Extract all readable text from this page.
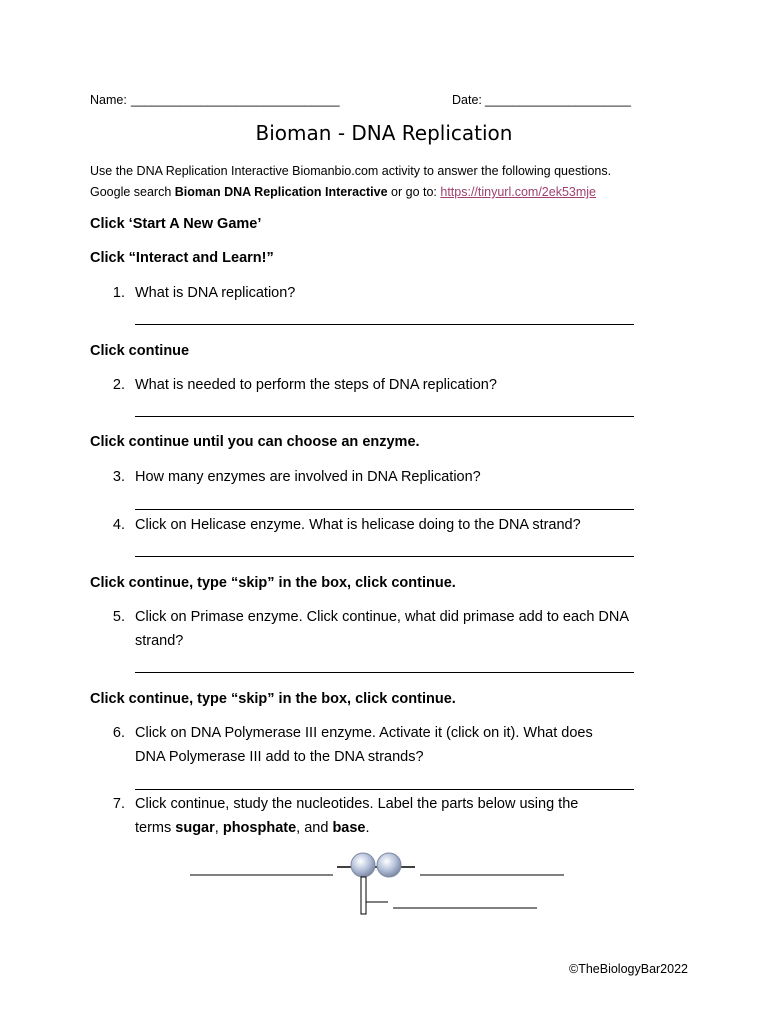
Name: ______________________________	Date: _____________________
Bioman - DNA Replication
Use the DNA Replication Interactive Biomanbio.com activity to answer the following questions.
Google search Bioman DNA Replication Interactive or go to: https://tinyurl.com/2ek53mje
Click ‘Start A New Game’
Click “Interact and Learn!”
1. What is DNA replication?
Click continue
2. What is needed to perform the steps of DNA replication?
Click continue until you can choose an enzyme.
3. How many enzymes are involved in DNA Replication?
4. Click on Helicase enzyme. What is helicase doing to the DNA strand?
Click continue, type “skip” in the box, click continue.
5. Click on Primase enzyme. Click continue, what did primase add to each DNA
strand?
Click continue, type “skip” in the box, click continue.
6. Click on DNA Polymerase III enzyme. Activate it (click on it). What does
DNA Polymerase III add to the DNA strands?
7. Click continue, study the nucleotides. Label the parts below using the
terms sugar, phosphate, and base.
©TheBiologyBar2022
